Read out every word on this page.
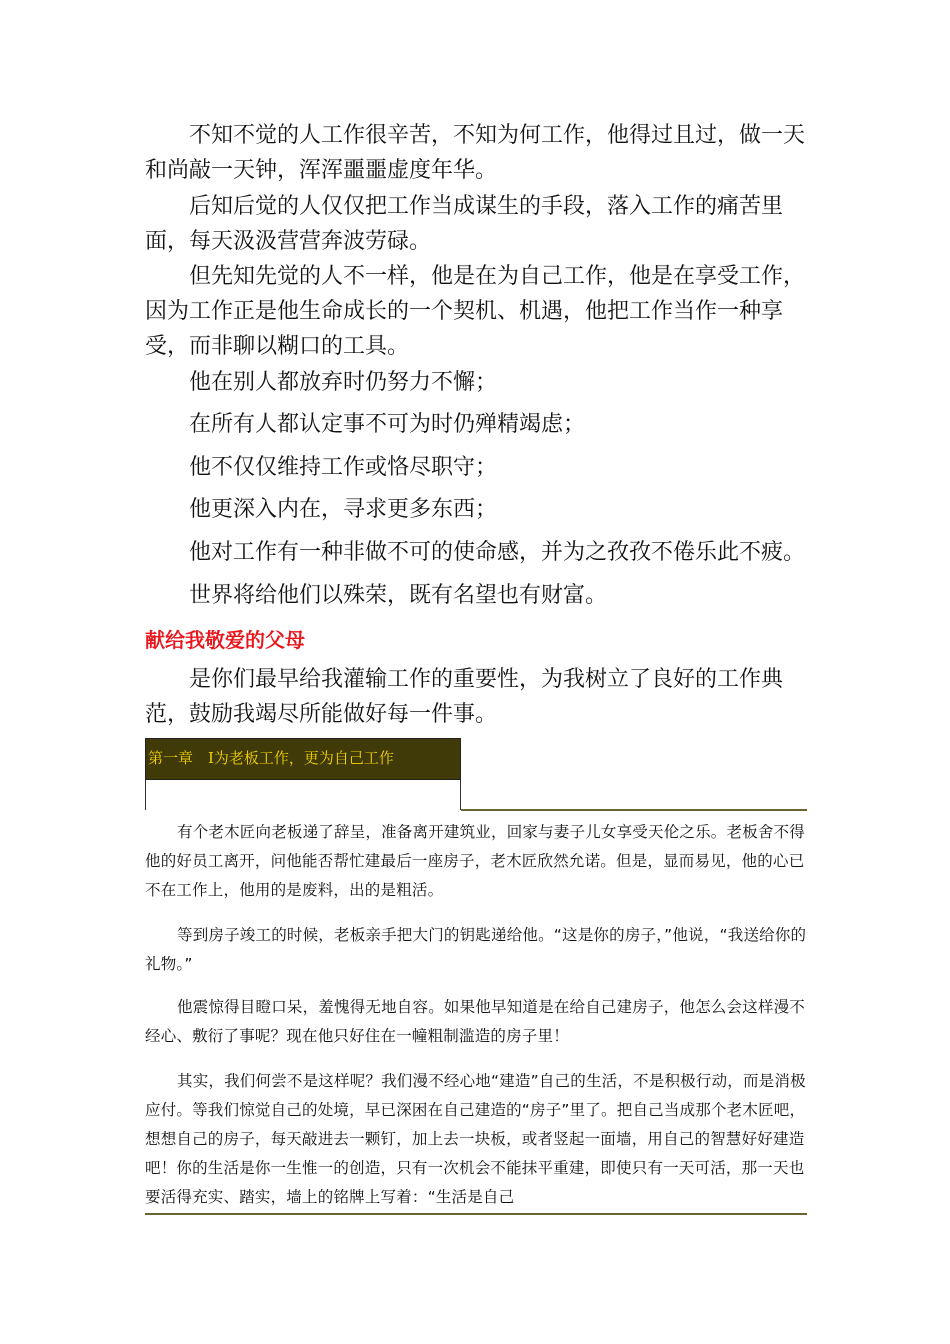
不知不觉的人工作很辛苦，不知为何工作，他得过且过，做一天和尚敲一天钟，浑浑噩噩虚度年华。

后知后觉的人仅仅把工作当成谋生的手段，落入工作的痛苦里面，每天汲汲营营奔波劳碌。

但先知先觉的人不一样，他是在为自己工作，他是在享受工作，因为工作正是他生命成长的一个契机、机遇，他把工作当作一种享受，而非聊以糊口的工具。

他在别人都放弃时仍努力不懈；

在所有人都认定事不可为时仍殚精竭虑；

他不仅仅维持工作或恪尽职守；

他更深入内在，寻求更多东西；

他对工作有一种非做不可的使命感，并为之孜孜不倦乐此不疲。

世界将给他们以殊荣，既有名望也有财富。

献给我敬爱的父母

是你们最早给我灌输工作的重要性，为我树立了良好的工作典范，鼓励我竭尽所能做好每一件事。

第一章　Ⅰ为老板工作，更为自己工作

有个老木匠向老板递了辞呈，准备离开建筑业，回家与妻子儿女享受天伦之乐。老板舍不得他的好员工离开，问他能否帮忙建最后一座房子，老木匠欣然允诺。但是，显而易见，他的心已不在工作上，他用的是废料，出的是粗活。

等到房子竣工的时候，老板亲手把大门的钥匙递给他。“这是你的房子，”他说，“我送给你的礼物。”

他震惊得目瞪口呆，羞愧得无地自容。如果他早知道是在给自己建房子，他怎么会这样漫不经心、敷衍了事呢？现在他只好住在一幢粗制滥造的房子里！

其实，我们何尝不是这样呢？我们漫不经心地“建造”自己的生活，不是积极行动，而是消极应付。等我们惊觉自己的处境，早已深困在自己建造的“房子”里了。把自己当成那个老木匠吧，想想自己的房子，每天敲进去一颗钉，加上去一块板，或者竖起一面墙，用自己的智慧好好建造吧！你的生活是你一生惟一的创造，只有一次机会不能抹平重建，即使只有一天可活，那一天也要活得充实、踏实，墙上的铭牌上写着：“生活是自己
